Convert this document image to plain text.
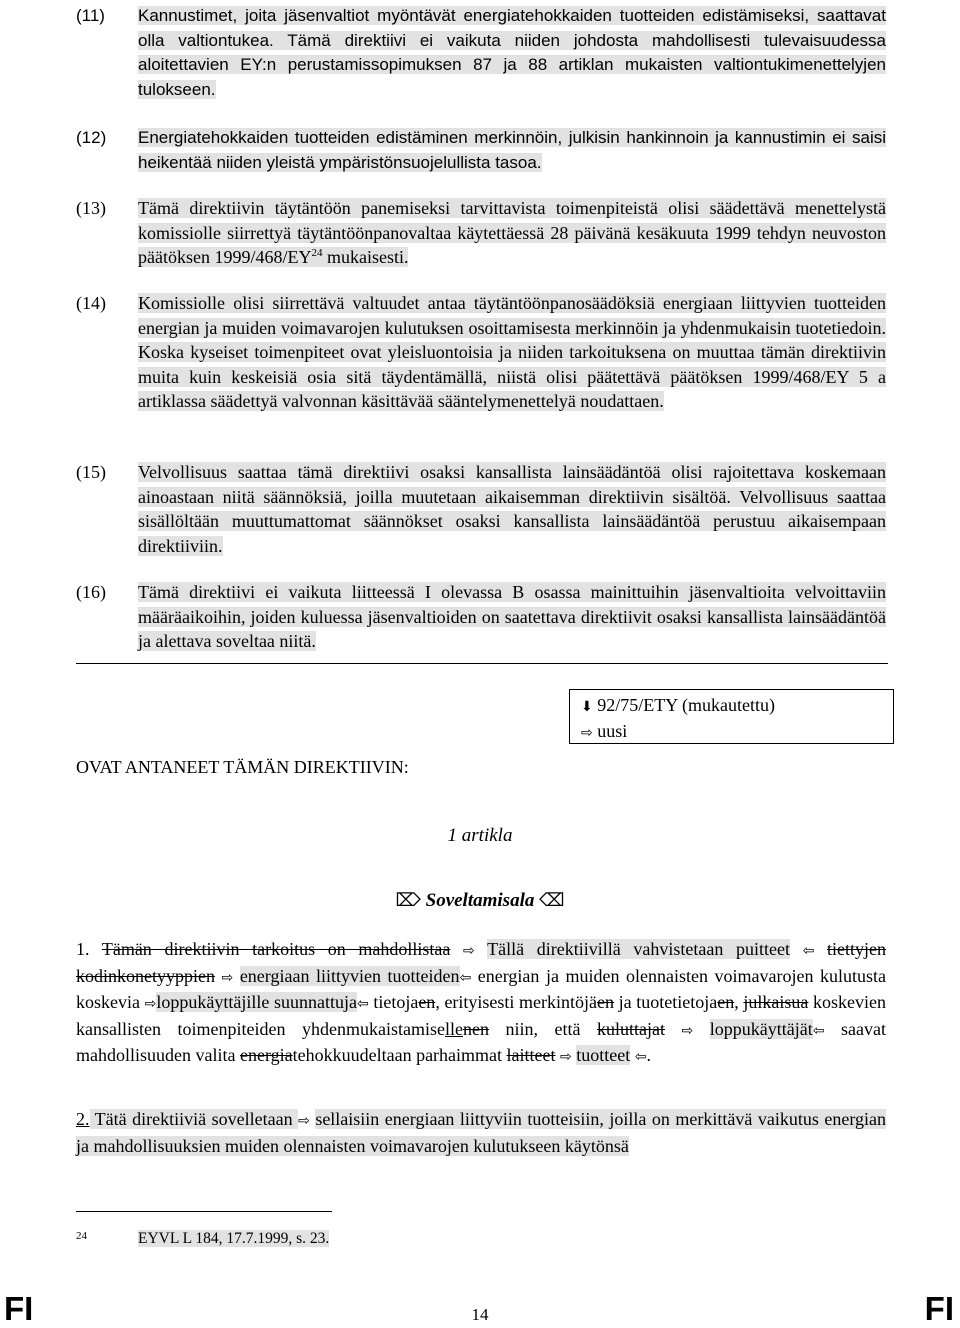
(11)	Kannustimet, joita jäsenvaltiot myöntävät energiatehokkaiden tuotteiden edistämiseksi, saattavat olla valtiontukea. Tämä direktiivi ei vaikuta niiden johdosta mahdollisesti tulevaisuudessa aloitettavien EY:n perustamissopimuksen 87 ja 88 artiklan mukaisten valtiontukimenettelyjen tulokseen.
(12)	Energiatehokkaiden tuotteiden edistäminen merkinnöin, julkisin hankinnoin ja kannustimin ei saisi heikentää niiden yleistä ympäristönsuojelullista tasoa.
(13)	Tämä direktiivin täytäntöön panemiseksi tarvittavista toimenpiteistä olisi säädettävä menettelystä komissiolle siirrettyä täytäntöönpanovaltaa käytettäessä 28 päivänä kesäkuuta 1999 tehdyn neuvoston päätöksen 1999/468/EY$^{24}$ mukaisesti.
(14)	Komissiolle olisi siirrettävä valtuudet antaa täytäntöönpanosäädöksiä energiaan liittyvien tuotteiden energian ja muiden voimavarojen kulutuksen osoittamisesta merkinnöin ja yhdenmukaisin tuotetiedoin. Koska kyseiset toimenpiteet ovat yleisluontoisia ja niiden tarkoituksena on muuttaa tämän direktiivin muita kuin keskeisiä osia sitä täydentämällä, niistä olisi päätettävä päätöksen 1999/468/EY 5 a artiklassa säädettyä valvonnan käsittävää sääntelymenettelyä noudattaen.
(15)	Velvollisuus saattaa tämä direktiivi osaksi kansallista lainsäädäntöä olisi rajoitettava koskemaan ainoastaan niitä säännöksiä, joilla muutetaan aikaisemman direktiivin sisältöä. Velvollisuus saattaa sisällöltään muuttumattomat säännökset osaksi kansallista lainsäädäntöä perustuu aikaisempaan direktiiviin.
(16)	Tämä direktiivi ei vaikuta liitteessä I olevassa B osassa mainittuihin jäsenvaltioita velvoittaviin määräaikoihin, joiden kuluessa jäsenvaltioiden on saatettava direktiivit osaksi kansallista lainsäädäntöä ja alettava soveltaa niitä.
⬇ 92/75/ETY (mukautettu)
⇨ uusi
OVAT ANTANEET TÄMÄN DIREKTIIVIN:
1 artikla
⌦ Soveltamisala ⌫
1. Tämän direktiivin tarkoitus on mahdollistaa ⇨ Tällä direktiivillä vahvistetaan puitteet ⇦ tiettyjen kodinkonetyyppien ⇨ energiaan liittyvien tuotteiden⇦ energian ja muiden olennaisten voimavarojen kulutusta koskevia ⇨loppukäyttäjille suunnattuja⇦ tietojaen, erityisesti merkintöjäen ja tuotetietojaen, julkaisua koskevien kansallisten toimenpiteiden yhdenmukaistamisellenen niin, että kuluttajat ⇨ loppukäyttäjät⇦ saavat mahdollisuuden valita energiatehokkuudeltaan parhaimmat laitteet ⇨ tuotteet ⇦.
2. Tätä direktiiviä sovelletaan ⇨ sellaisiin energiaan liittyviin tuotteisiin, joilla on merkittävä vaikutus energian ja mahdollisuuksien muiden olennaisten voimavarojen kulutukseen käytönsä
24	EYVL L 184, 17.7.1999, s. 23.
FI	14	FI
